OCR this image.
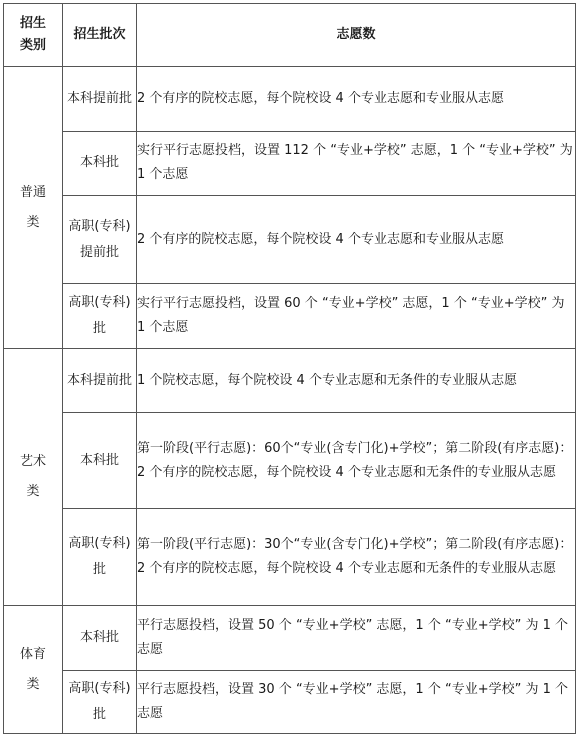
招生
类别	招生批次	志愿数

普通
类	本科提前批	2 个有序的院校志愿，每个院校设 4 个专业志愿和专业服从志愿
	本科批	实行平行志愿投档，设置 112 个 “专业+学校” 志愿，1 个 “专业+学校” 为 1 个志愿
	高职(专科)提前批	2 个有序的院校志愿，每个院校设 4 个专业志愿和专业服从志愿
	高职(专科)批	实行平行志愿投档，设置 60 个 “专业+学校” 志愿，1 个 “专业+学校” 为 1 个志愿

艺术
类	本科提前批	1 个院校志愿，每个院校设 4 个专业志愿和无条件的专业服从志愿
	本科批	第一阶段(平行志愿)：60个“专业(含专门化)+学校”；第二阶段(有序志愿)：2 个有序的院校志愿，每个院校设 4 个专业志愿和无条件的专业服从志愿
	高职(专科)批	第一阶段(平行志愿)：30个“专业(含专门化)+学校”；第二阶段(有序志愿)：2 个有序的院校志愿，每个院校设 4 个专业志愿和无条件的专业服从志愿

体育
类	本科批	平行志愿投档，设置 50 个 “专业+学校” 志愿，1 个 “专业+学校” 为 1 个志愿
	高职(专科)批	平行志愿投档，设置 30 个 “专业+学校” 志愿，1 个 “专业+学校” 为 1 个志愿
